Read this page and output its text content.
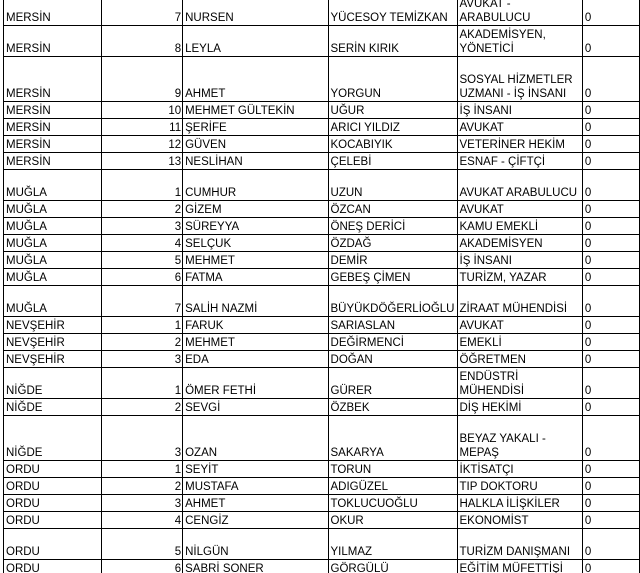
MERSİN	7	NURSEN	YÜCESOY TEMİZKAN	AVUKAT - ARABULUCU	0
MERSİN	8	LEYLA	SERİN KIRIK	AKADEMİSYEN, YÖNETİCİ	0
MERSİN	9	AHMET	YORGUN	SOSYAL HİZMETLER UZMANI - İŞ İNSANI	0
MERSİN	10	MEHMET GÜLTEKİN	UĞUR	İŞ İNSANI	0
MERSİN	11	ŞERİFE	ARICI YILDIZ	AVUKAT	0
MERSİN	12	GÜVEN	KOCABIYIK	VETERİNER HEKİM	0
MERSİN	13	NESLİHAN	ÇELEBİ	ESNAF - ÇİFTÇİ	0
MUĞLA	1	CUMHUR	UZUN	AVUKAT ARABULUCU	0
MUĞLA	2	GİZEM	ÖZCAN	AVUKAT	0
MUĞLA	3	SÜREYYA	ÖNEŞ DERİCİ	KAMU EMEKLİ	0
MUĞLA	4	SELÇUK	ÖZDAĞ	AKADEMİSYEN	0
MUĞLA	5	MEHMET	DEMİR	İŞ İNSANI	0
MUĞLA	6	FATMA	GEBEŞ ÇİMEN	TURİZM, YAZAR	0
MUĞLA	7	SALİH NAZMİ	BÜYÜKDÖĞERLİOĞLU	ZİRAAT MÜHENDİSİ	0
NEVŞEHİR	1	FARUK	SARIASLAN	AVUKAT	0
NEVŞEHİR	2	MEHMET	DEĞİRMENCİ	EMEKLİ	0
NEVŞEHİR	3	EDA	DOĞAN	ÖĞRETMEN	0
NİĞDE	1	ÖMER FETHİ	GÜRER	ENDÜSTRİ MÜHENDİSİ	0
NİĞDE	2	SEVGİ	ÖZBEK	DİŞ HEKİMİ	0
NİĞDE	3	OZAN	SAKARYA	BEYAZ YAKALI - MEPAŞ	0
ORDU	1	SEYİT	TORUN	İKTİSATÇI	0
ORDU	2	MUSTAFA	ADIGÜZEL	TIP DOKTORU	0
ORDU	3	AHMET	TOKLUCUOĞLU	HALKLA İLİŞKİLER	0
ORDU	4	CENGİZ	OKUR	EKONOMİST	0
ORDU	5	NİLGÜN	YILMAZ	TURİZM DANIŞMANI	0
ORDU	6	SABRİ SONER	GÖRGÜLÜ	EĞİTİM MÜFETTİŞİ	0
